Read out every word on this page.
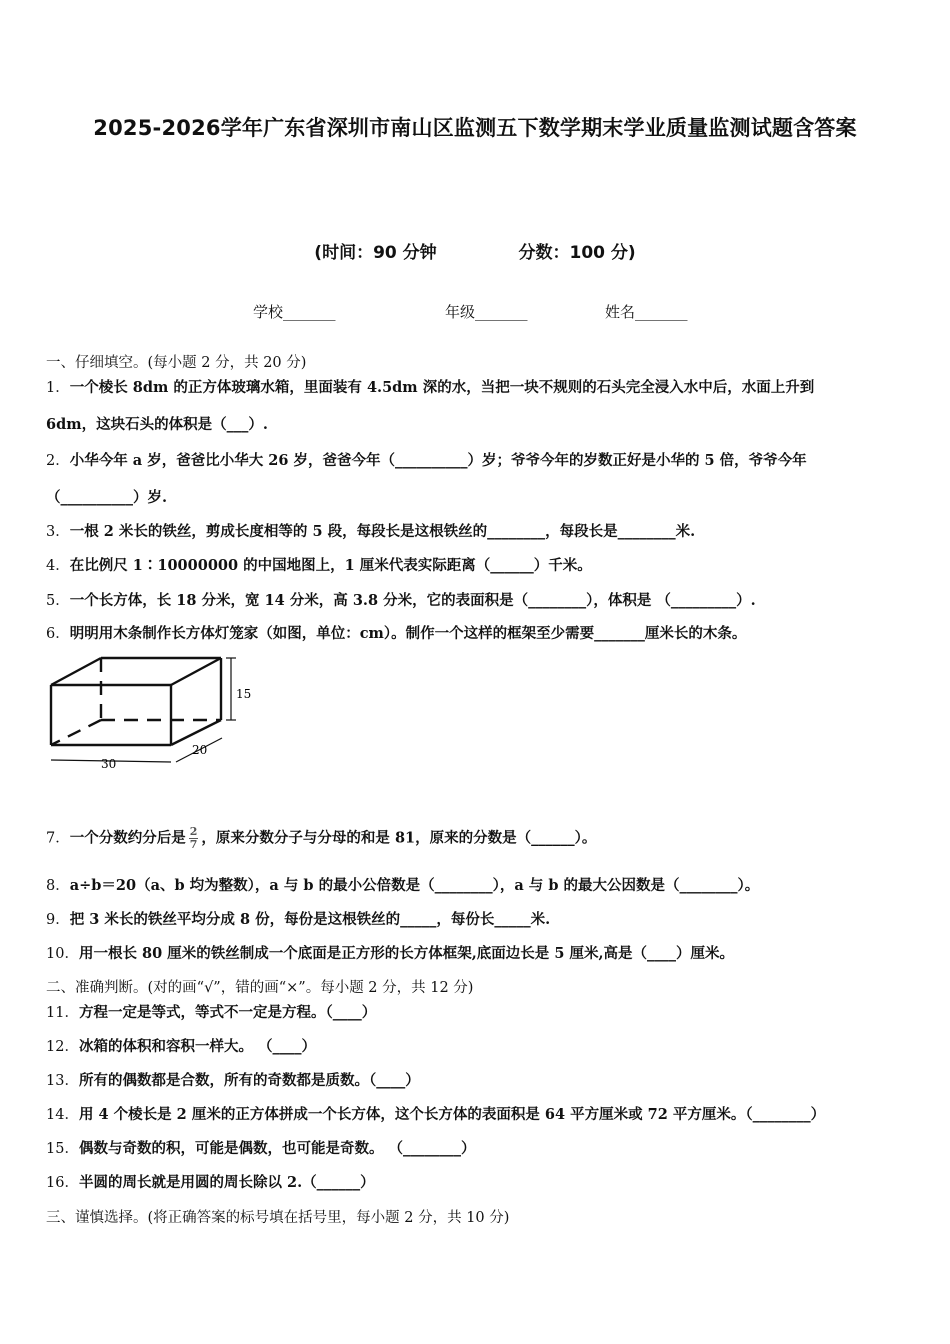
2025-2026学年广东省深圳市南山区监测五下数学期末学业质量监测试题含答案
(时间：90 分钟	分数：100 分)
学校_______	年级_______	姓名_______
一、仔细填空。(每小题 2 分，共 20 分)
1．一个棱长 8dm 的正方体玻璃水箱，里面装有 4.5dm 深的水，当把一块不规则的石头完全浸入水中后，水面上升到
6dm，这块石头的体积是（___）.
2．小华今年 a 岁，爸爸比小华大 26 岁，爸爸今年（__________）岁；爷爷今年的岁数正好是小华的 5 倍，爷爷今年
（__________）岁.
3．一根 2 米长的铁丝，剪成长度相等的 5 段，每段长是这根铁丝的________，每段长是________米.
4．在比例尺 1∶10000000 的中国地图上，1 厘米代表实际距离（______）千米。
5．一个长方体，长 18 分米，宽 14 分米，高 3.8 分米，它的表面积是（________），体积是 （_________）.
6．明明用木条制作长方体灯笼家（如图，单位：cm）。制作一个这样的框架至少需要_______厘米长的木条。
15
30
20
7．一个分数约分后是 $\frac{2}{7}$ ，原来分数分子与分母的和是 81，原来的分数是（______）。
8．a÷b＝20（a、b 均为整数），a 与 b 的最小公倍数是（________），a 与 b 的最大公因数是（________）。
9．把 3 米长的铁丝平均分成 8 份，每份是这根铁丝的_____，每份长_____米.
10．用一根长 80 厘米的铁丝制成一个底面是正方形的长方体框架,底面边长是 5 厘米,高是（____）厘米。
二、准确判断。(对的画“√”，错的画“×”。每小题 2 分，共 12 分)
11．方程一定是等式，等式不一定是方程。（____）
12．冰箱的体积和容积一样大。 （____）
13．所有的偶数都是合数，所有的奇数都是质数。（____）
14．用 4 个棱长是 2 厘米的正方体拼成一个长方体，这个长方体的表面积是 64 平方厘米或 72 平方厘米。（________）
15．偶数与奇数的积，可能是偶数，也可能是奇数。 （________）
16．半圆的周长就是用圆的周长除以 2.（______）
三、谨慎选择。(将正确答案的标号填在括号里，每小题 2 分，共 10 分)
